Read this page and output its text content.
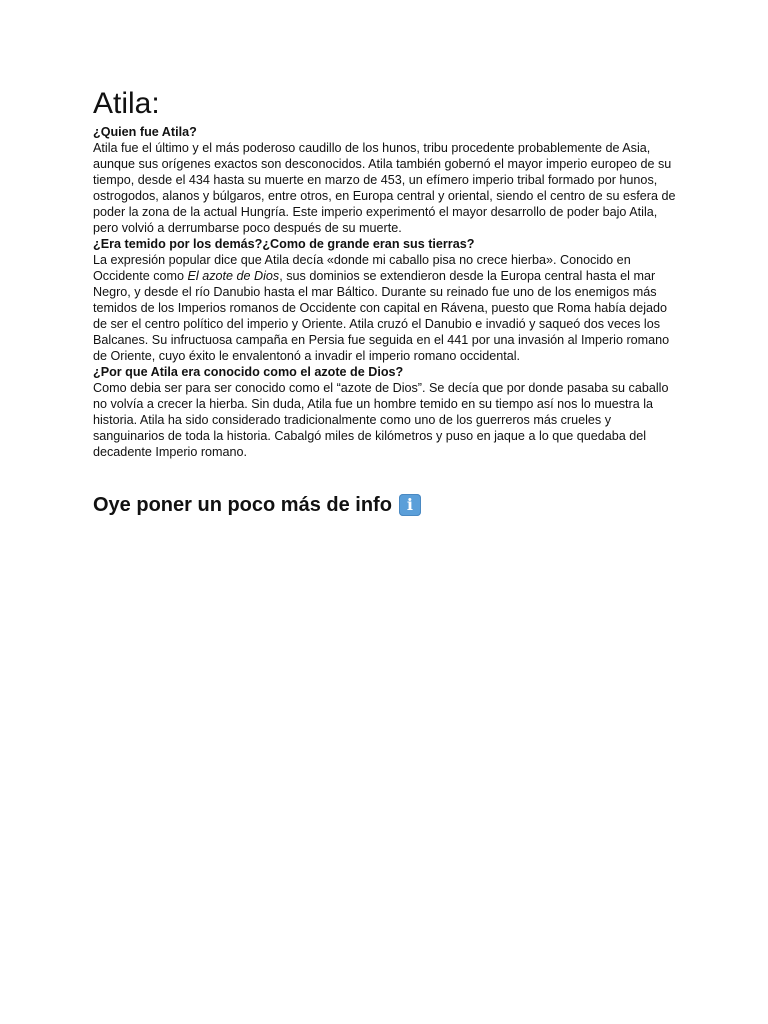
Atila:

¿Quien fue Atila?

Atila fue el último y el más poderoso caudillo de los hunos, tribu procedente probablemente de Asia, aunque sus orígenes exactos son desconocidos. Atila también gobernó el mayor imperio europeo de su tiempo, desde el 434 hasta su muerte en marzo de 453, un efímero imperio tribal formado por hunos, ostrogodos, alanos y búlgaros, entre otros, en Europa central y oriental, siendo el centro de su esfera de poder la zona de la actual Hungría. Este imperio experimentó el mayor desarrollo de poder bajo Atila, pero volvió a derrumbarse poco después de su muerte.

¿Era temido por los demás?¿Como de grande eran sus tierras?

La expresión popular dice que Atila decía «donde mi caballo pisa no crece hierba». Conocido en Occidente como El azote de Dios, sus dominios se extendieron desde la Europa central hasta el mar Negro, y desde el río Danubio hasta el mar Báltico. Durante su reinado fue uno de los enemigos más temidos de los Imperios romanos de Occidente con capital en Rávena, puesto que Roma había dejado de ser el centro político del imperio y Oriente. Atila cruzó el Danubio e invadió y saqueó dos veces los Balcanes. Su infructuosa campaña en Persia fue seguida en el 441 por una invasión al Imperio romano de Oriente, cuyo éxito le envalentonó a invadir el imperio romano occidental.

¿Por que Atila era conocido como el azote de Dios?

Como debia ser para ser conocido como el “azote de Dios”. Se decía que por donde pasaba su caballo no volvía a crecer la hierba. Sin duda, Atila fue un hombre temido en su tiempo así nos lo muestra la historia. Atila ha sido considerado tradicionalmente como uno de los guerreros más crueles y sanguinarios de toda la historia. Cabalgó miles de kilómetros y puso en jaque a lo que quedaba del decadente Imperio romano.

Oye poner un poco más de info i
